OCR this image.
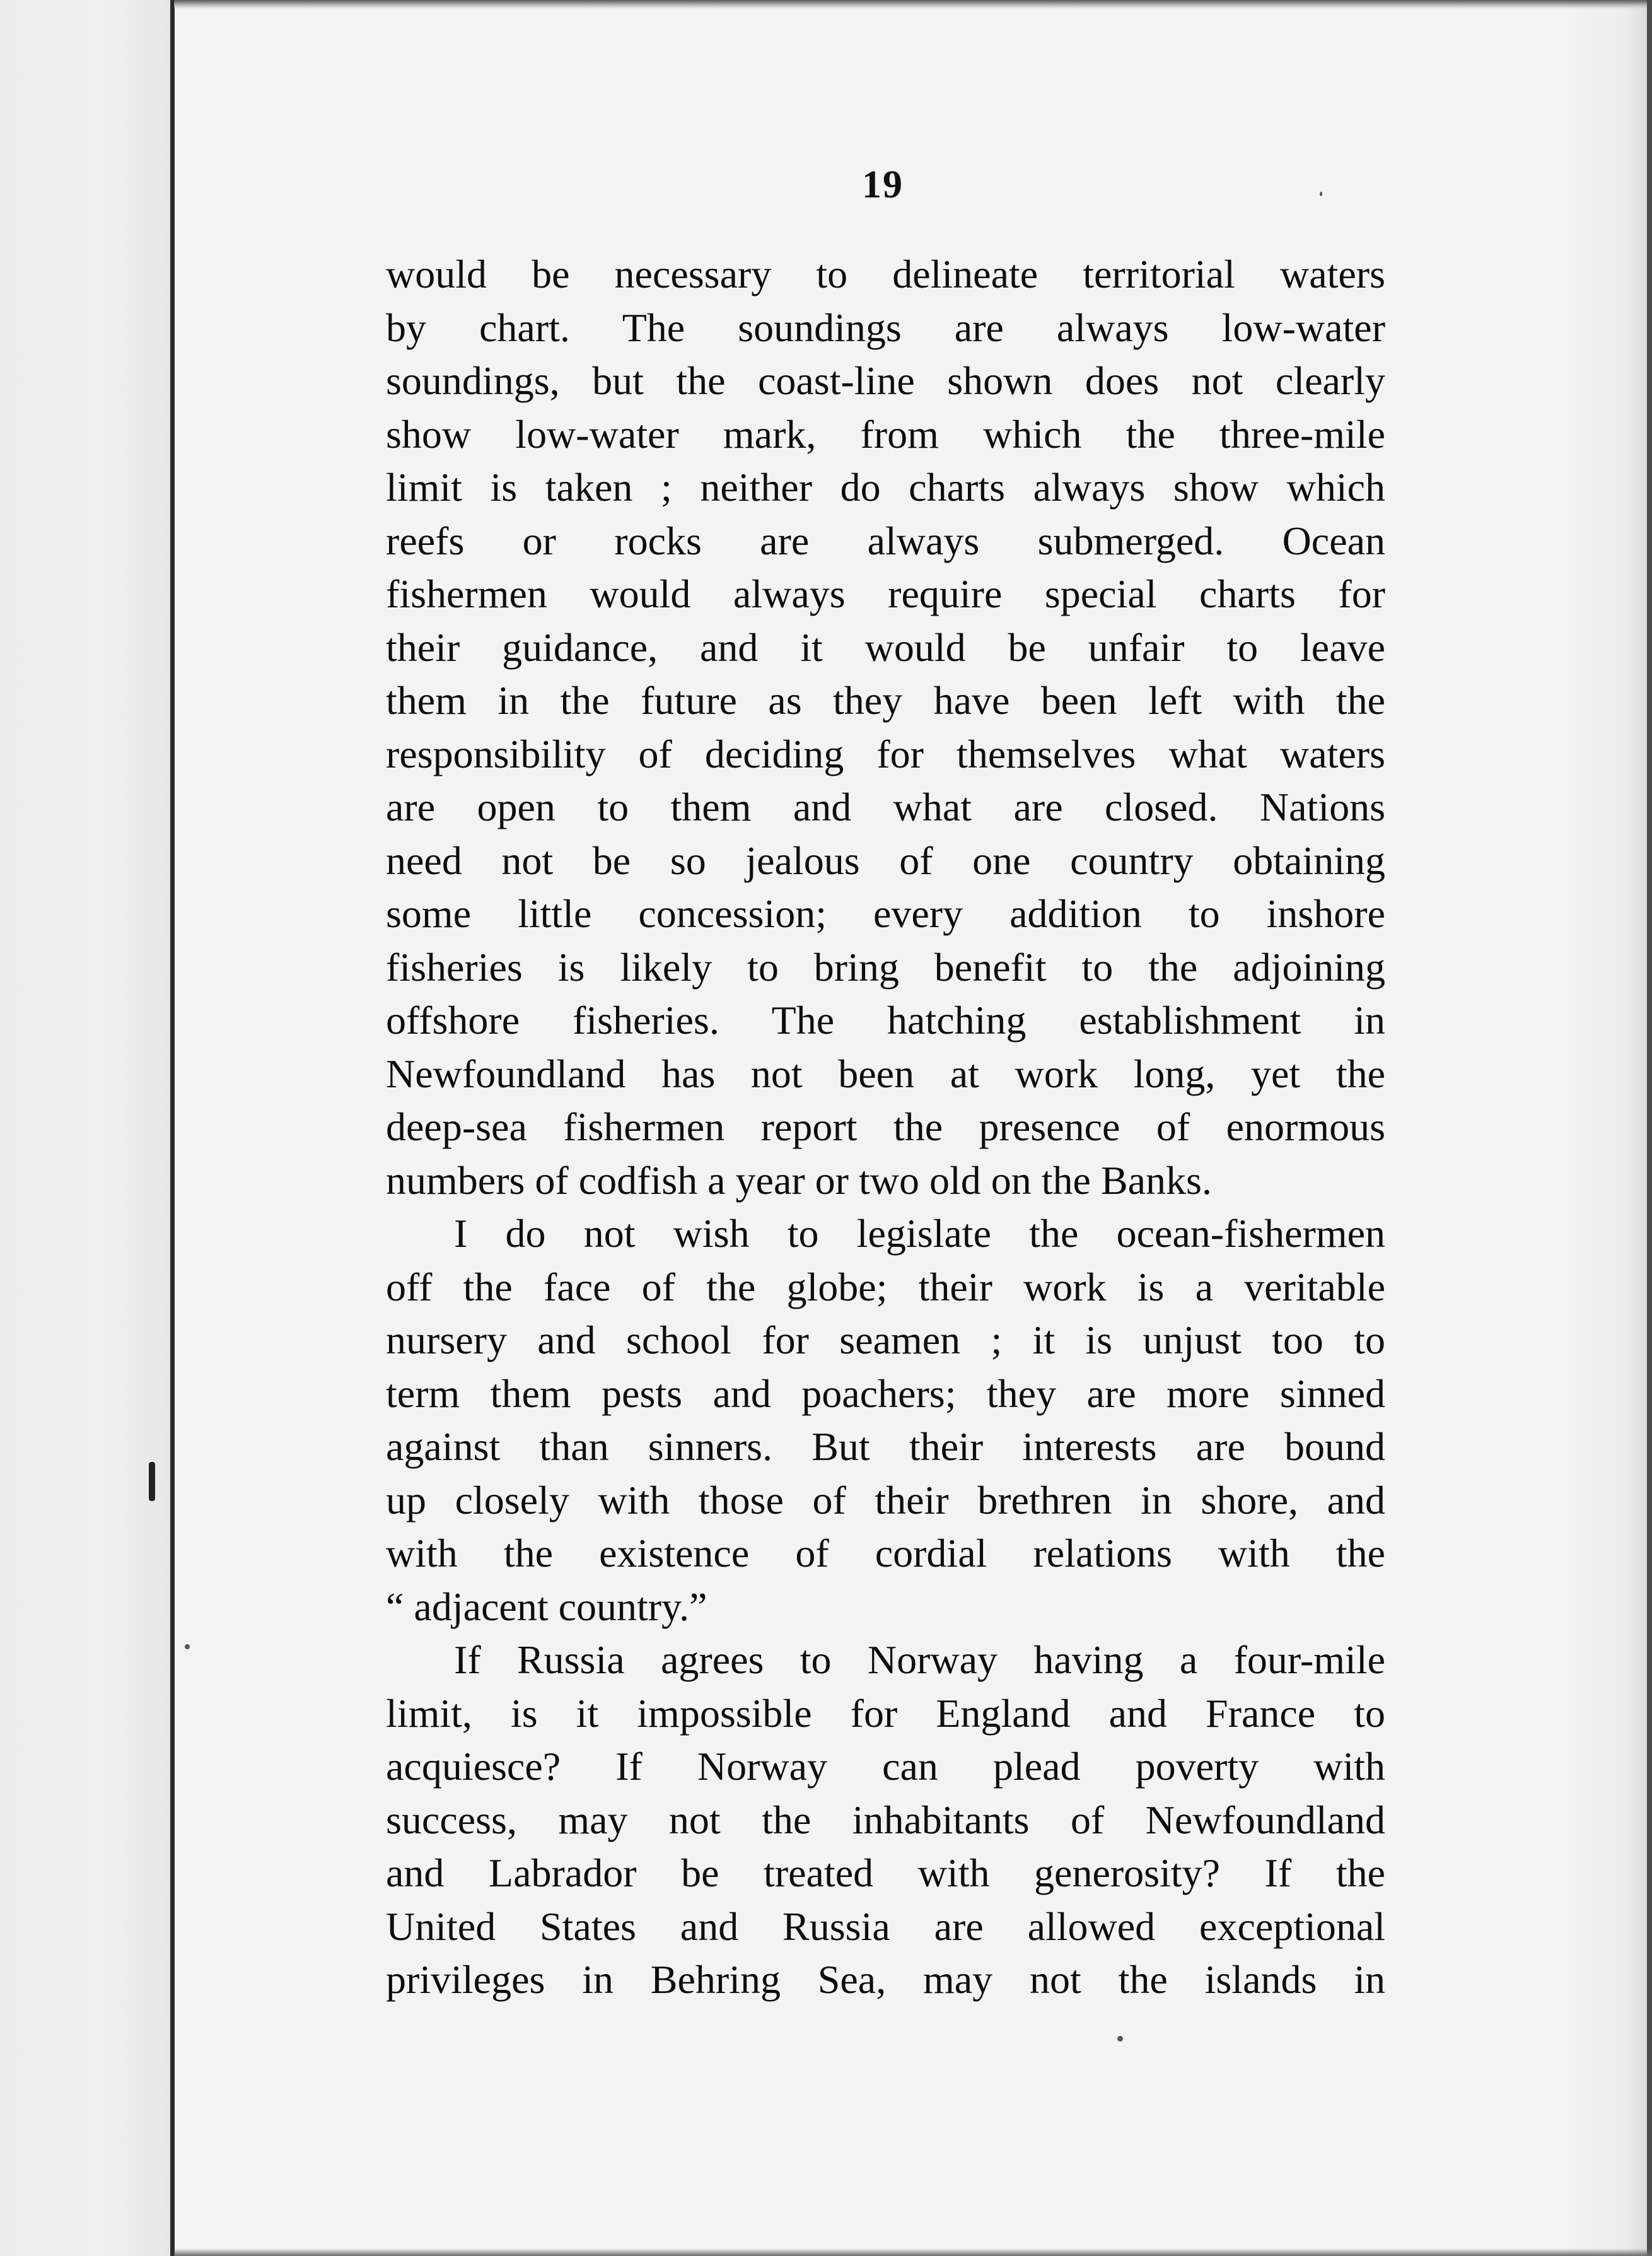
19
would be necessary to delineate territorial waters
by chart. The soundings are always low-water
soundings, but the coast-line shown does not clearly
show low-water mark, from which the three-mile
limit is taken ; neither do charts always show which
reefs or rocks are always submerged. Ocean
fishermen would always require special charts for
their guidance, and it would be unfair to leave
them in the future as they have been left with the
responsibility of deciding for themselves what waters
are open to them and what are closed. Nations
need not be so jealous of one country obtaining
some little concession; every addition to inshore
fisheries is likely to bring benefit to the adjoining
offshore fisheries. The hatching establishment in
Newfoundland has not been at work long, yet the
deep-sea fishermen report the presence of enormous
numbers of codfish a year or two old on the Banks.
I do not wish to legislate the ocean-fishermen
off the face of the globe; their work is a veritable
nursery and school for seamen ; it is unjust too to
term them pests and poachers; they are more sinned
against than sinners. But their interests are bound
up closely with those of their brethren in shore, and
with the existence of cordial relations with the
“ adjacent country.”
If Russia agrees to Norway having a four-mile
limit, is it impossible for England and France to
acquiesce? If Norway can plead poverty with
success, may not the inhabitants of Newfoundland
and Labrador be treated with generosity? If the
United States and Russia are allowed exceptional
privileges in Behring Sea, may not the islands in
